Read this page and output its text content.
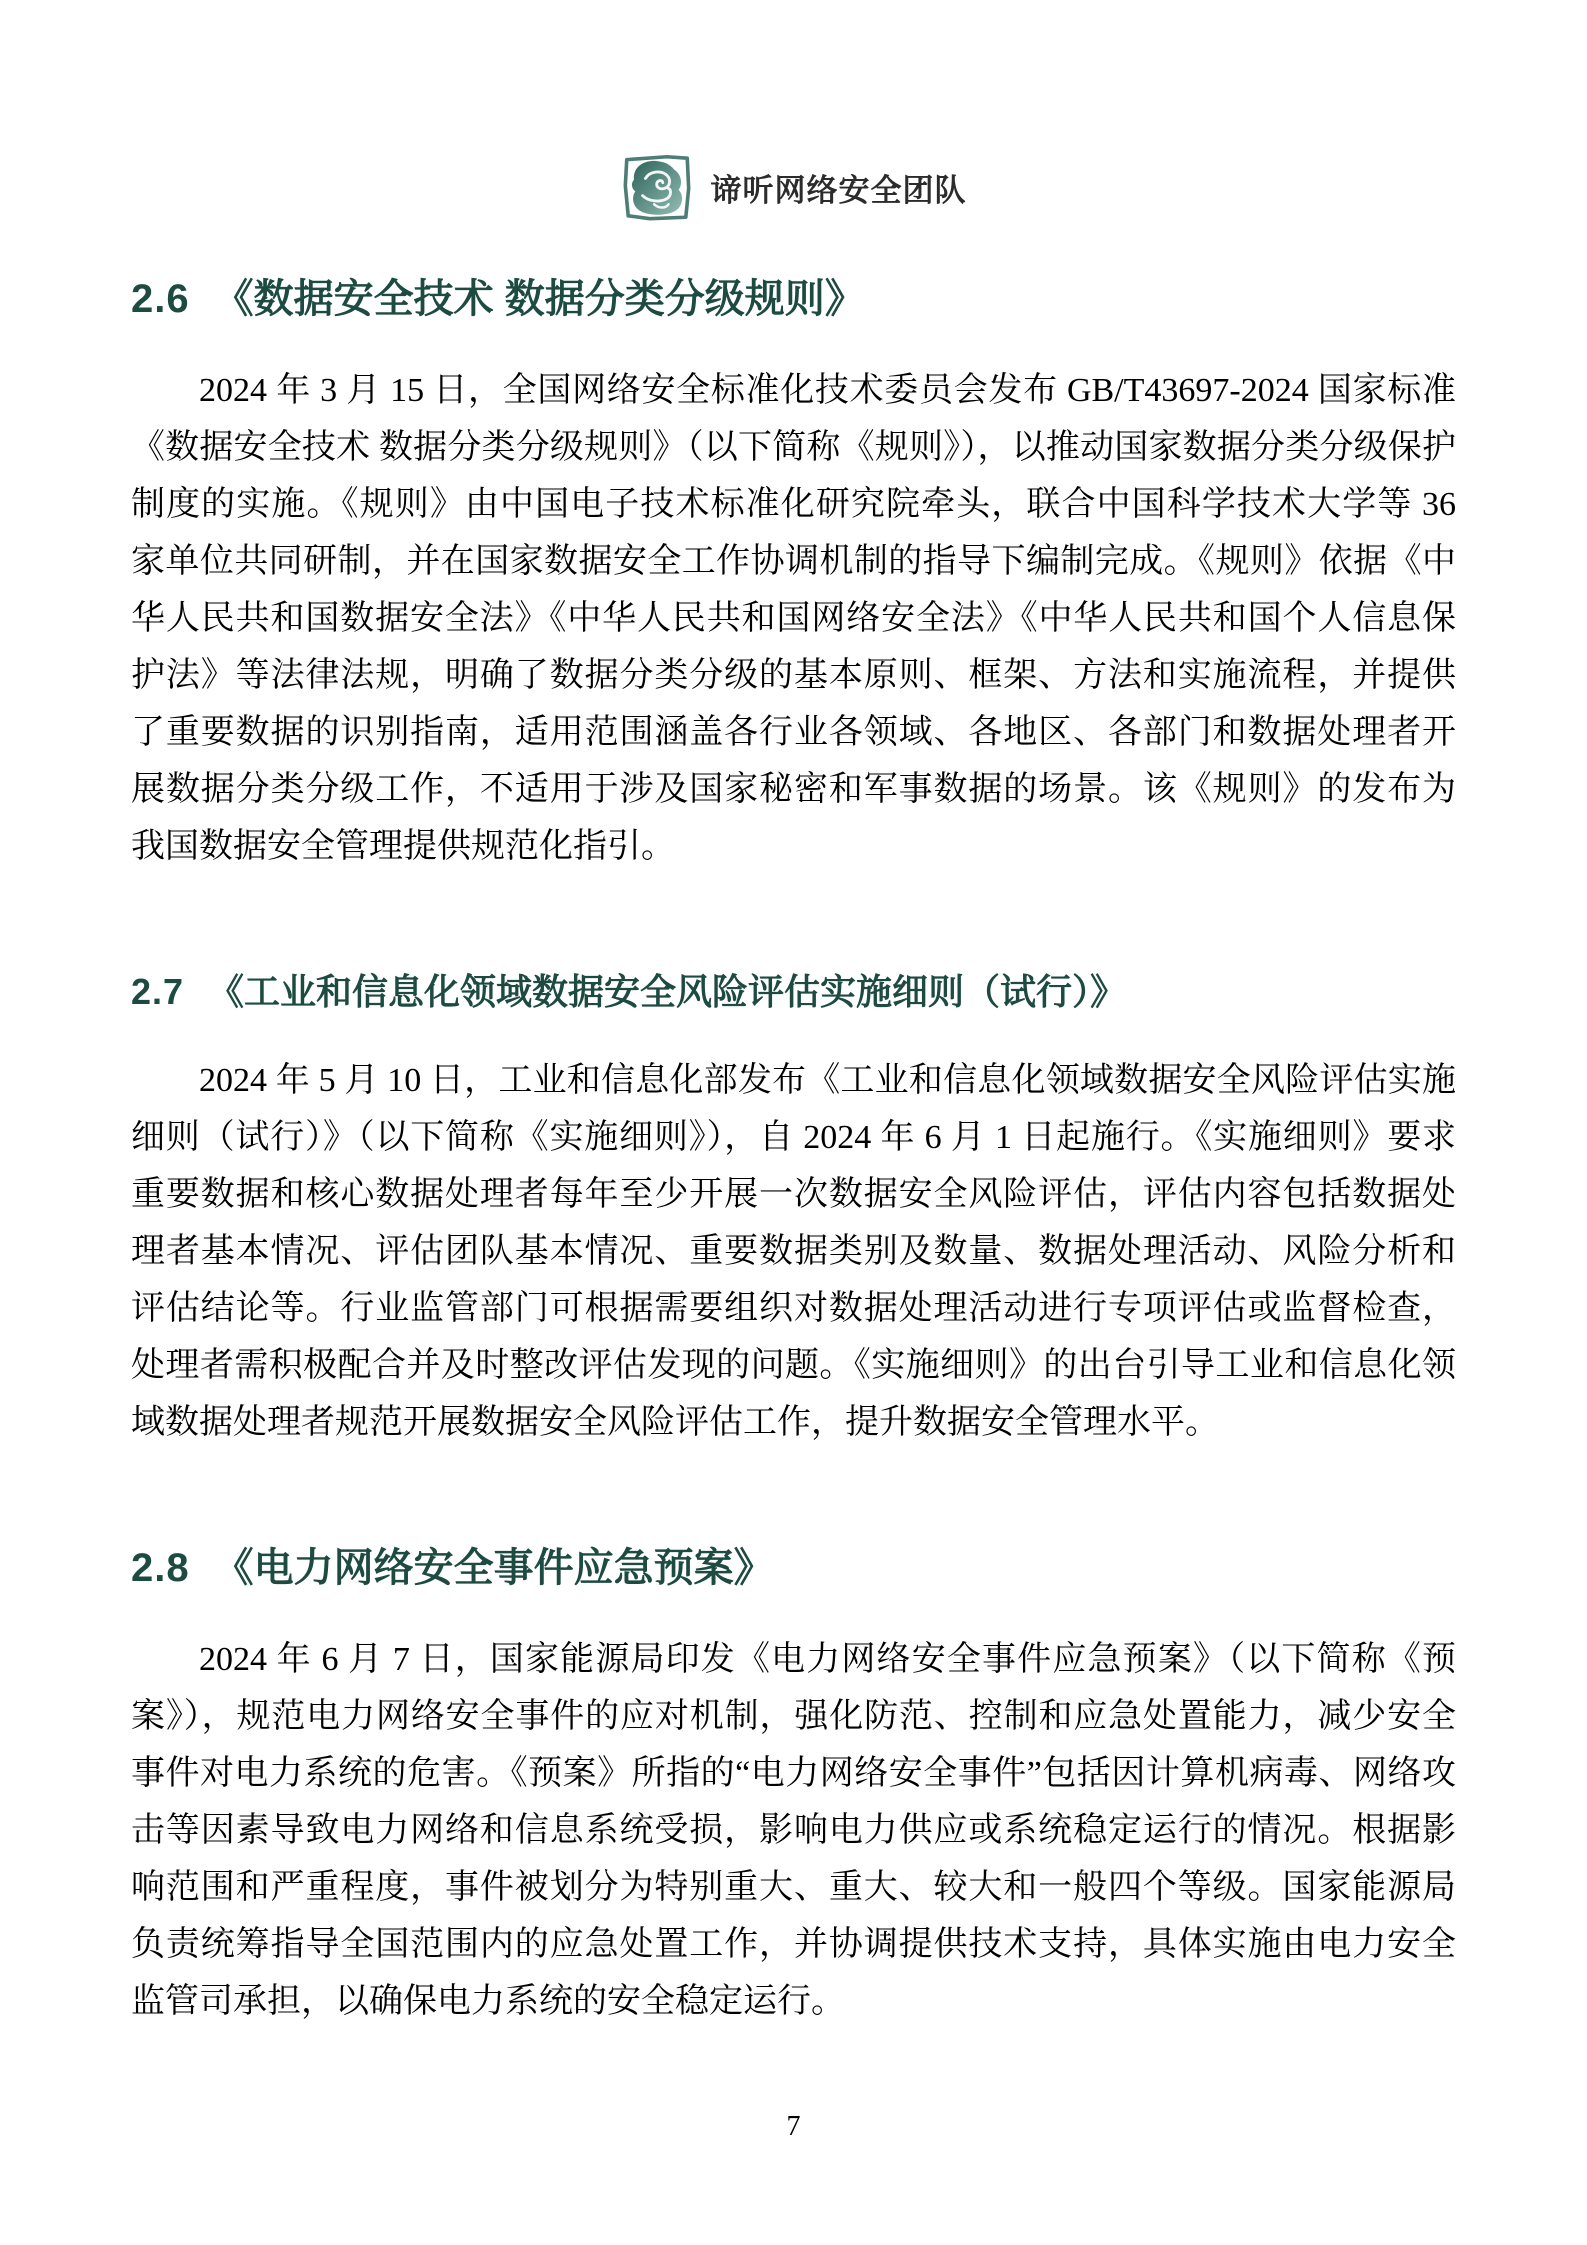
谛听网络安全团队
2.6 《数据安全技术 数据分类分级规则》

2024 年 3 月 15 日，全国网络安全标准化技术委员会发布 GB/T43697-2024 国家标准《数据安全技术 数据分类分级规则》（以下简称《规则》），以推动国家数据分类分级保护制度的实施。《规则》由中国电子技术标准化研究院牵头，联合中国科学技术大学等 36 家单位共同研制，并在国家数据安全工作协调机制的指导下编制完成。《规则》依据《中华人民共和国数据安全法》《中华人民共和国网络安全法》《中华人民共和国个人信息保护法》等法律法规，明确了数据分类分级的基本原则、框架、方法和实施流程，并提供了重要数据的识别指南，适用范围涵盖各行业各领域、各地区、各部门和数据处理者开展数据分类分级工作，不适用于涉及国家秘密和军事数据的场景。该《规则》的发布为我国数据安全管理提供规范化指引。

2.7 《工业和信息化领域数据安全风险评估实施细则（试行）》

2024 年 5 月 10 日，工业和信息化部发布《工业和信息化领域数据安全风险评估实施细则（试行）》（以下简称《实施细则》），自 2024 年 6 月 1 日起施行。《实施细则》要求重要数据和核心数据处理者每年至少开展一次数据安全风险评估，评估内容包括数据处理者基本情况、评估团队基本情况、重要数据类别及数量、数据处理活动、风险分析和评估结论等。行业监管部门可根据需要组织对数据处理活动进行专项评估或监督检查，处理者需积极配合并及时整改评估发现的问题。《实施细则》的出台引导工业和信息化领域数据处理者规范开展数据安全风险评估工作，提升数据安全管理水平。

2.8 《电力网络安全事件应急预案》

2024 年 6 月 7 日，国家能源局印发《电力网络安全事件应急预案》（以下简称《预案》），规范电力网络安全事件的应对机制，强化防范、控制和应急处置能力，减少安全事件对电力系统的危害。《预案》所指的“电力网络安全事件”包括因计算机病毒、网络攻击等因素导致电力网络和信息系统受损，影响电力供应或系统稳定运行的情况。根据影响范围和严重程度，事件被划分为特别重大、重大、较大和一般四个等级。国家能源局负责统筹指导全国范围内的应急处置工作，并协调提供技术支持，具体实施由电力安全监管司承担，以确保电力系统的安全稳定运行。

7
